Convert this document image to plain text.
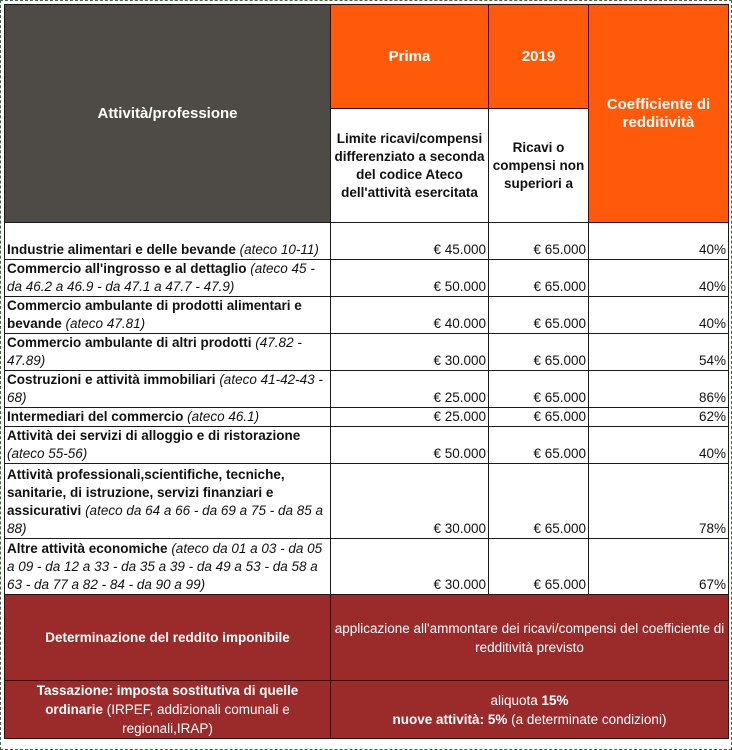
Attività/professione	Prima	2019	Coefficiente di redditività
	Limite ricavi/compensi differenziato a seconda del codice Ateco dell'attività esercitata	Ricavi o compensi non superiori a	
Industrie alimentari e delle bevande (ateco 10-11)	€ 45.000	€ 65.000	40%
Commercio all'ingrosso e al dettaglio (ateco 45 - da 46.2 a 46.9 - da 47.1 a 47.7 - 47.9)	€ 50.000	€ 65.000	40%
Commercio ambulante di prodotti alimentari e bevande (ateco 47.81)	€ 40.000	€ 65.000	40%
Commercio ambulante di altri prodotti (47.82 - 47.89)	€ 30.000	€ 65.000	54%
Costruzioni e attività immobiliari (ateco 41-42-43 - 68)	€ 25.000	€ 65.000	86%
Intermediari del commercio (ateco 46.1)	€ 25.000	€ 65.000	62%
Attività dei servizi di alloggio e di ristorazione (ateco 55-56)	€ 50.000	€ 65.000	40%
Attività professionali,scientifiche, tecniche, sanitarie, di istruzione, servizi finanziari e assicurativi (ateco da 64 a 66 - da 69 a 75 - da 85 a 88)	€ 30.000	€ 65.000	78%
Altre attività economiche (ateco da 01 a 03 - da 05 a 09 - da 12 a 33 - da 35 a 39 - da 49 a 53 - da 58 a 63 - da 77 a 82 - 84 - da 90 a 99)	€ 30.000	€ 65.000	67%
Determinazione del reddito imponibile	applicazione all'ammontare dei ricavi/compensi del coefficiente di redditività previsto		
Tassazione: imposta sostitutiva di quelle ordinarie (IRPEF, addizionali comunali e regionali,IRAP)	aliquota 15%
nuove attività: 5% (a determinate condizioni)		
